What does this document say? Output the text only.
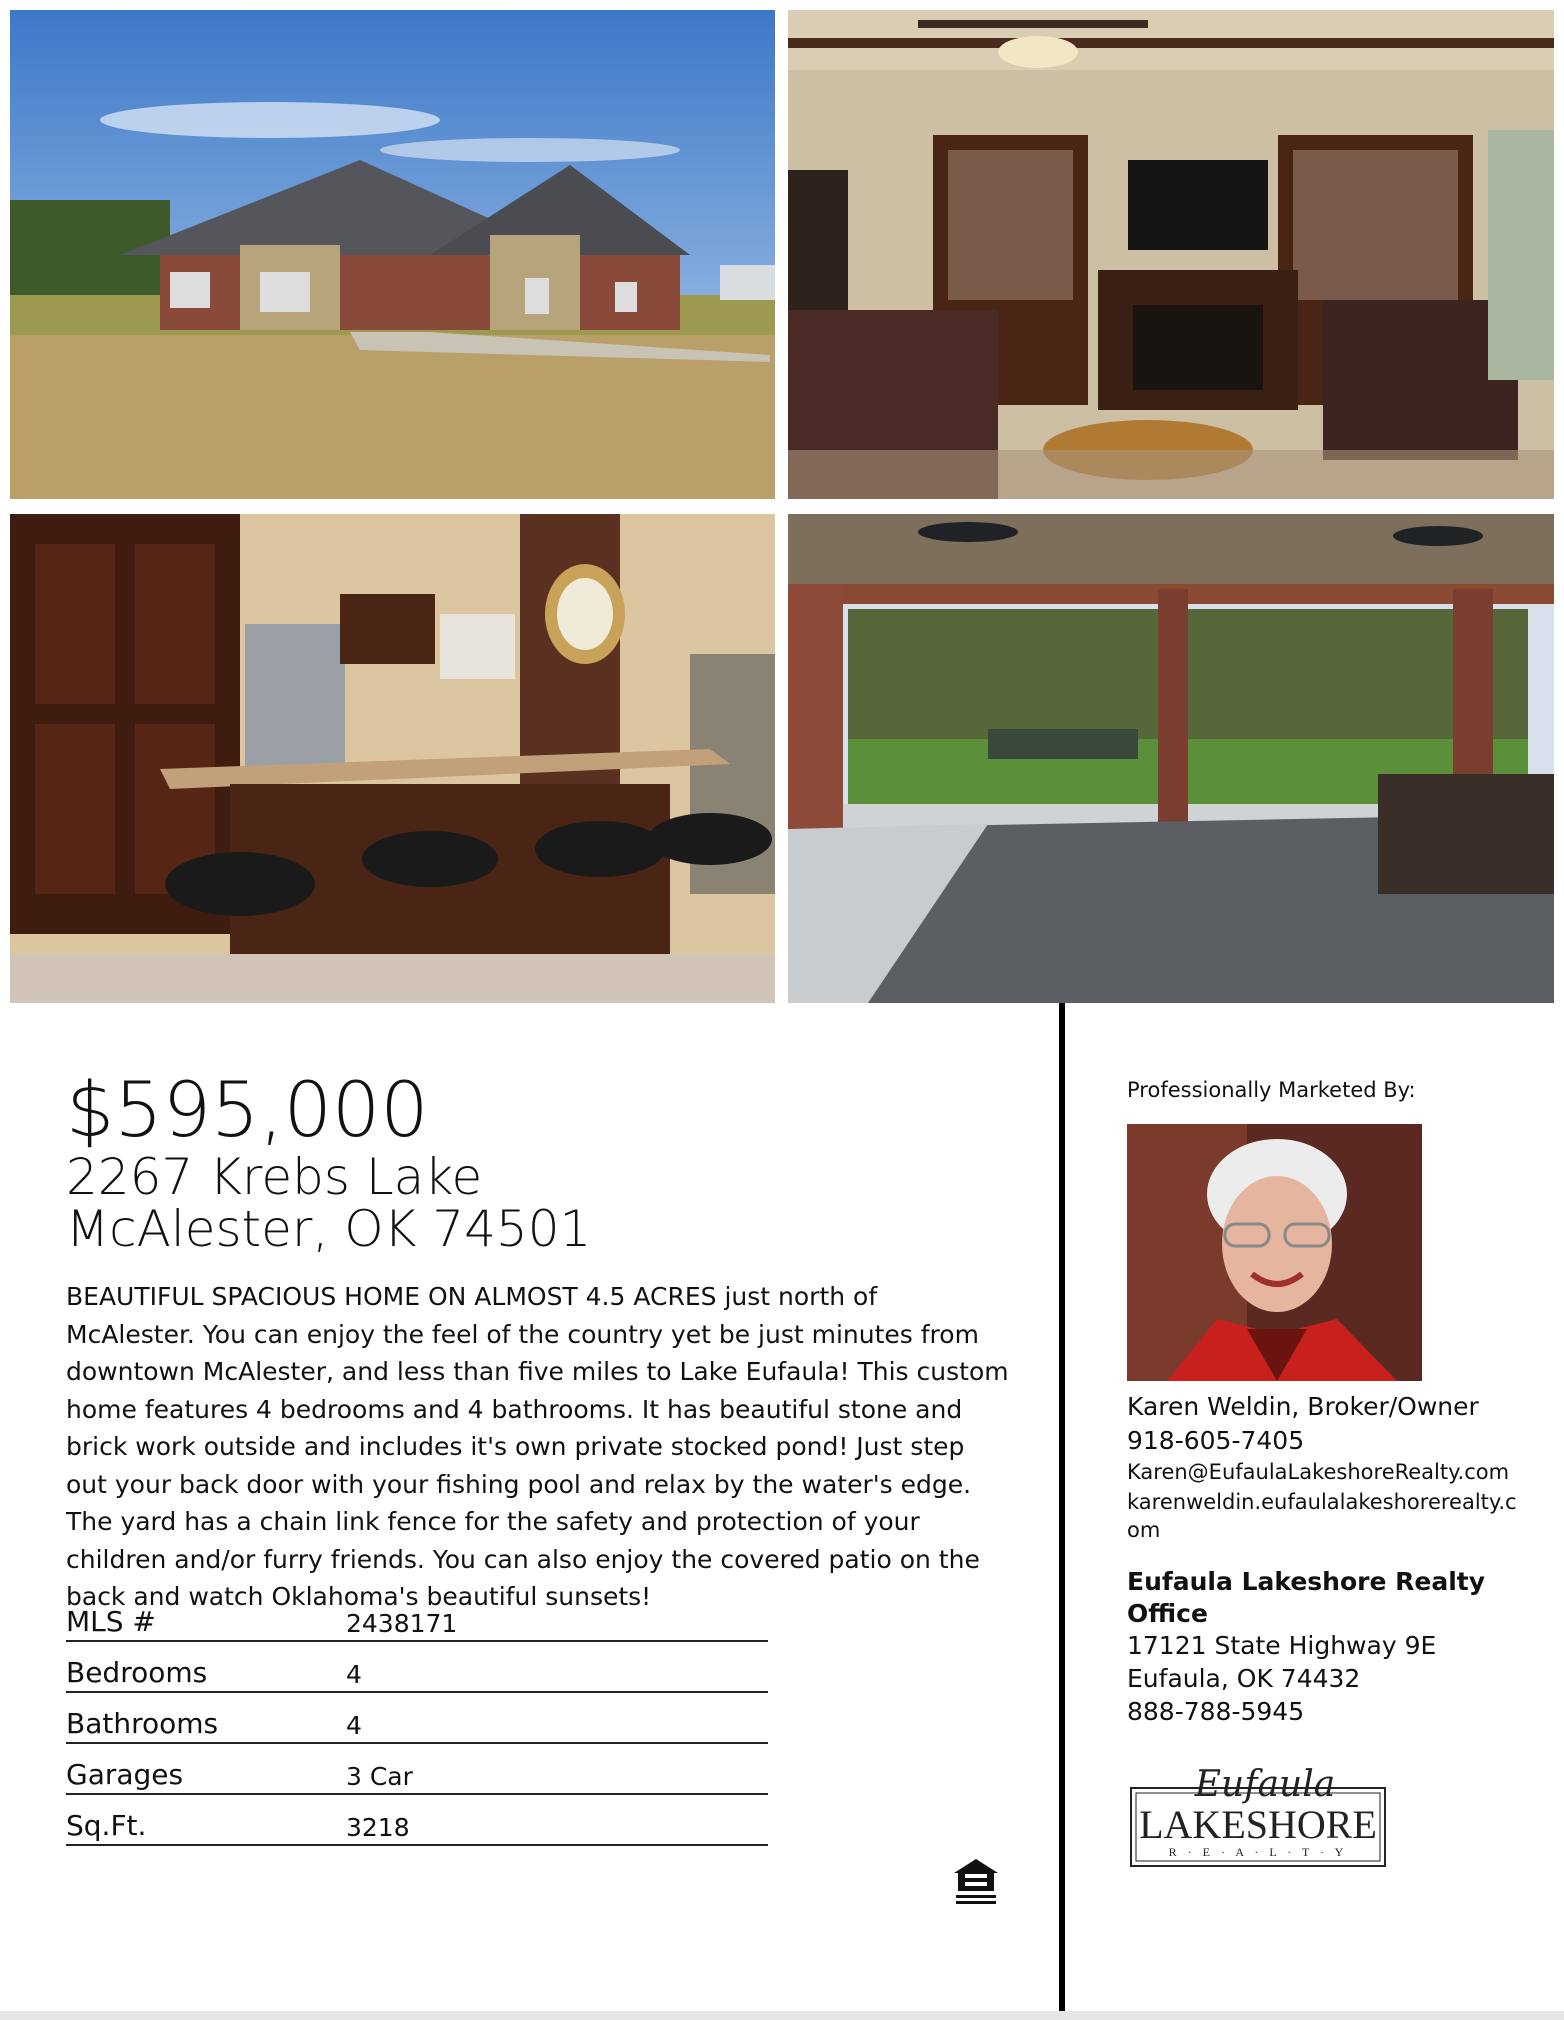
$595,000
2267 Krebs Lake
McAlester, OK 74501
BEAUTIFUL SPACIOUS HOME ON ALMOST 4.5 ACRES just north of McAlester. You can enjoy the feel of the country yet be just minutes from downtown McAlester, and less than five miles to Lake Eufaula! This custom home features 4 bedrooms and 4 bathrooms. It has beautiful stone and brick work outside and includes it's own private stocked pond! Just step out your back door with your fishing pool and relax by the water's edge. The yard has a chain link fence for the safety and protection of your children and/or furry friends. You can also enjoy the covered patio on the back and watch Oklahoma's beautiful sunsets!
MLS #	2438171
Bedrooms	4
Bathrooms	4
Garages	3 Car
Sq.Ft.	3218
Professionally Marketed By:
Karen Weldin, Broker/Owner
918-605-7405
Karen@EufaulaLakeshoreRealty.com
karenweldin.eufaulalakeshorerealty.com
Eufaula Lakeshore Realty Office
17121 State Highway 9E
Eufaula, OK 74432
888-788-5945
Eufaula
LAKESHORE
R · E · A · L · T · Y
